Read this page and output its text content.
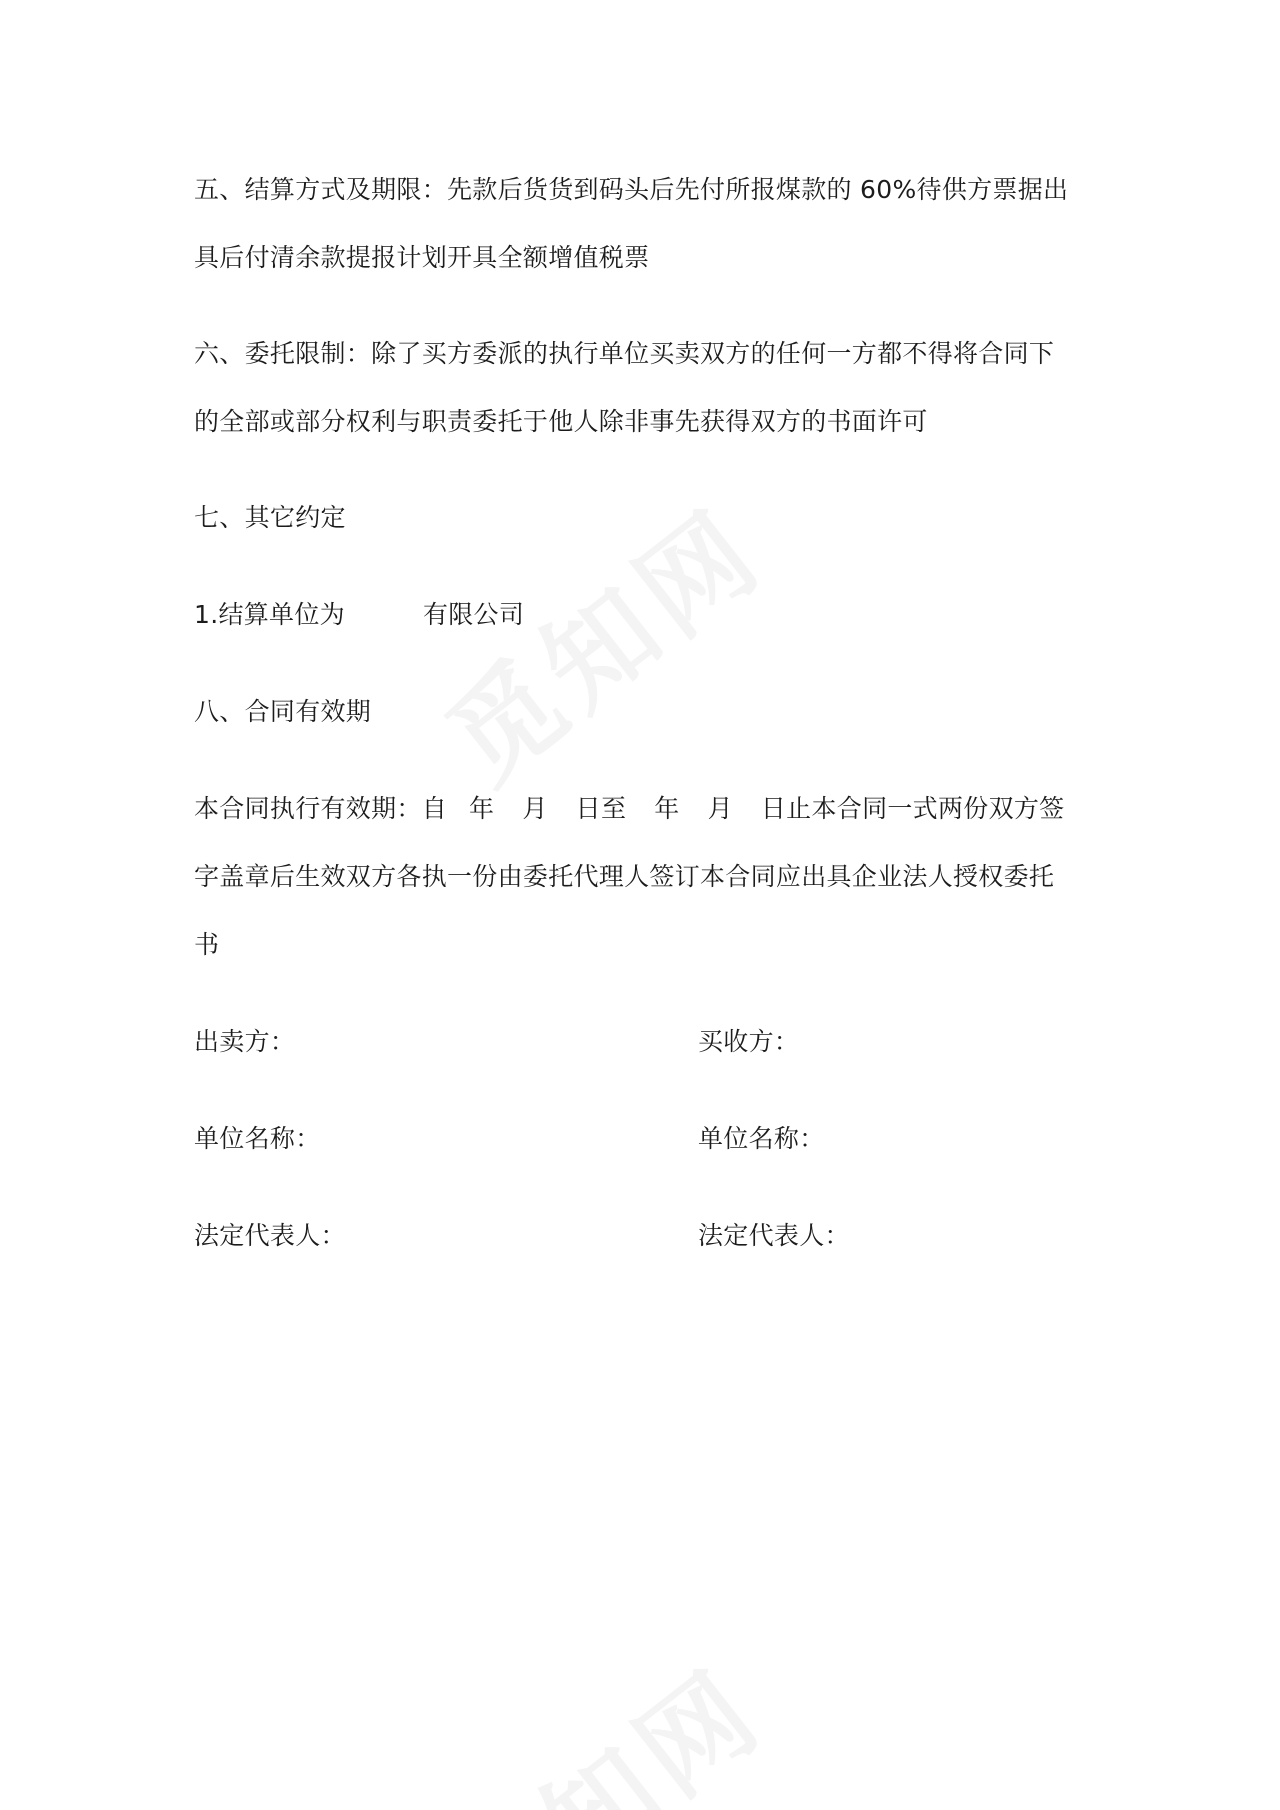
五、结算方式及期限：先款后货货到码头后先付所报煤款的 60%待供方票据出
具后付清余款提报计划开具全额增值税票
六、委托限制：除了买方委派的执行单位买卖双方的任何一方都不得将合同下
的全部或部分权利与职责委托于他人除非事先获得双方的书面许可
七、其它约定
1.结算单位为	有限公司
八、合同有效期
本合同执行有效期：自 年 月 日至 年 月 日止本合同一式两份双方签
字盖章后生效双方各执一份由委托代理人签订本合同应出具企业法人授权委托
书
出卖方：	买收方：
单位名称：	单位名称：
法定代表人：	法定代表人：
